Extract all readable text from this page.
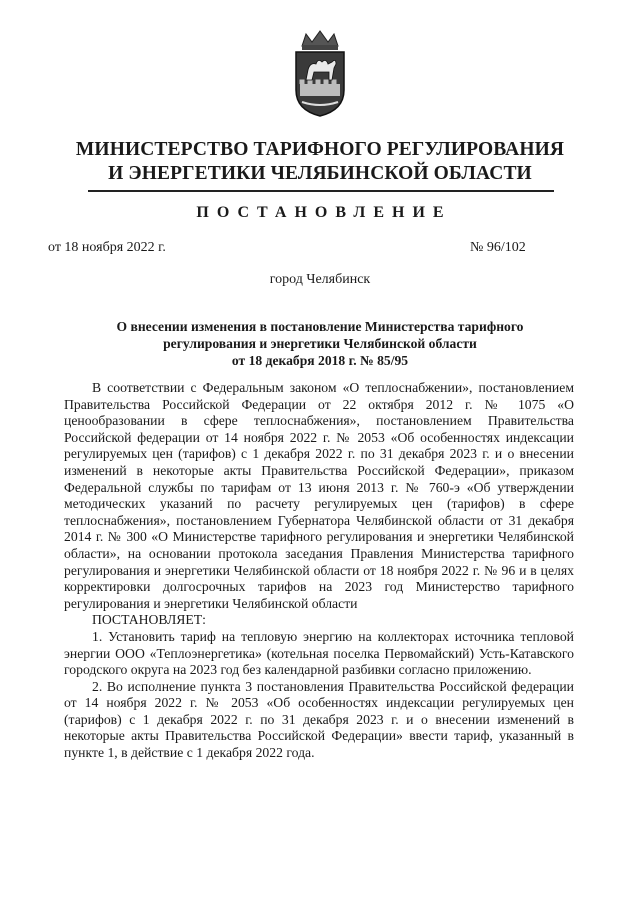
МИНИСТЕРСТВО ТАРИФНОГО РЕГУЛИРОВАНИЯ
И ЭНЕРГЕТИКИ ЧЕЛЯБИНСКОЙ ОБЛАСТИ
ПОСТАНОВЛЕНИЕ
от 18 ноября 2022 г.	№ 96/102
город Челябинск
О внесении изменения в постановление Министерства тарифного
регулирования и энергетики Челябинской области
от 18 декабря 2018 г. № 85/95

В соответствии с Федеральным законом «О теплоснабжении», постановлением Правительства Российской Федерации от 22 октября 2012 г. № 1075 «О ценообразовании в сфере теплоснабжения», постановлением Правительства Российской федерации от 14 ноября 2022 г. № 2053 «Об особенностях индексации регулируемых цен (тарифов) с 1 декабря 2022 г. по 31 декабря 2023 г. и о внесении изменений в некоторые акты Правительства Российской Федерации», приказом Федеральной службы по тарифам от 13 июня 2013 г. № 760-э «Об утверждении методических указаний по расчету регулируемых цен (тарифов) в сфере теплоснабжения», постановлением Губернатора Челябинской области от 31 декабря 2014 г. № 300 «О Министерстве тарифного регулирования и энергетики Челябинской области», на основании протокола заседания Правления Министерства тарифного регулирования и энергетики Челябинской области от 18 ноября 2022 г. № 96 и в целях корректировки долгосрочных тарифов на 2023 год Министерство тарифного регулирования и энергетики Челябинской области

ПОСТАНОВЛЯЕТ:

1. Установить тариф на тепловую энергию на коллекторах источника тепловой энергии ООО «Теплоэнергетика» (котельная поселка Первомайский) Усть-Катавского городского округа на 2023 год без календарной разбивки согласно приложению.

2. Во исполнение пункта 3 постановления Правительства Российской федерации от 14 ноября 2022 г. № 2053 «Об особенностях индексации регулируемых цен (тарифов) с 1 декабря 2022 г. по 31 декабря 2023 г. и о внесении изменений в некоторые акты Правительства Российской Федерации» ввести тариф, указанный в пункте 1, в действие с 1 декабря 2022 года.
